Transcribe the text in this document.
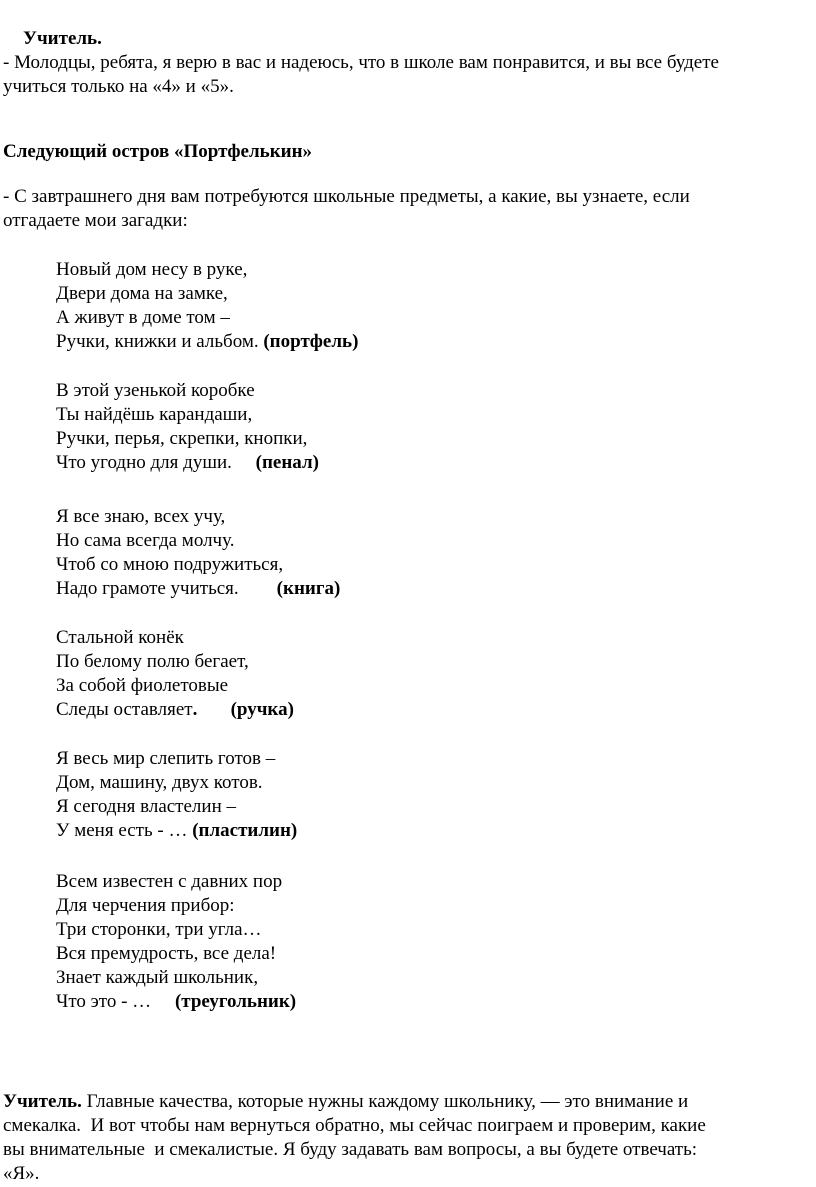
Учитель.
- Молодцы, ребята, я верю в вас и надеюсь, что в школе вам понравится, и вы все будете
учиться только на «4» и «5».
Следующий остров «Портфелькин»
- С завтрашнего дня вам потребуются школьные предметы, а какие, вы узнаете, если
отгадаете мои загадки:
Новый дом несу в руке,
Двери дома на замке,
А живут в доме том –
Ручки, книжки и альбом. (портфель)
В этой узенькой коробке
Ты найдёшь карандаши,
Ручки, перья, скрепки, кнопки,
Что угодно для души.     (пенал)
Я все знаю, всех учу,
Но сама всегда молчу.
Чтоб со мною подружиться,
Надо грамоте учиться.        (книга)
Стальной конёк
По белому полю бегает,
За собой фиолетовые
Следы оставляет.       (ручка)
Я весь мир слепить готов –
Дом, машину, двух котов.
Я сегодня властелин –
У меня есть - … (пластилин)
Всем известен с давних пор
Для черчения прибор:
Три сторонки, три угла…
Вся премудрость, все дела!
Знает каждый школьник,
Что это - …     (треугольник)
Учитель. Главные качества, которые нужны каждому школьнику, — это внимание и
смекалка.  И вот чтобы нам вернуться обратно, мы сейчас поиграем и проверим, какие
вы внимательные  и смекалистые. Я буду задавать вам вопросы, а вы будете отвечать:
«Я».
